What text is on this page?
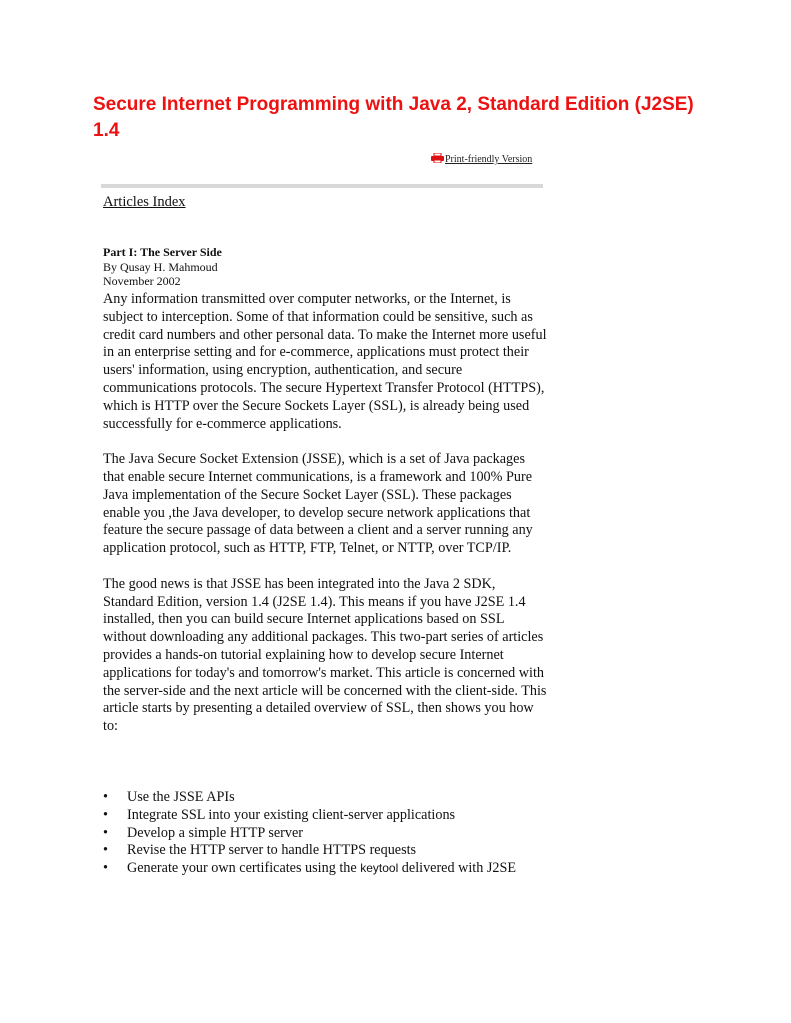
Secure Internet Programming with Java 2, Standard Edition (J2SE) 1.4
Print-friendly Version
Articles Index
Part I: The Server Side
By Qusay H. Mahmoud
November 2002

Any information transmitted over computer networks, or the Internet, is subject to interception. Some of that information could be sensitive, such as credit card numbers and other personal data. To make the Internet more useful in an enterprise setting and for e-commerce, applications must protect their users' information, using encryption, authentication, and secure communications protocols. The secure Hypertext Transfer Protocol (HTTPS), which is HTTP over the Secure Sockets Layer (SSL), is already being used successfully for e-commerce applications.

The Java Secure Socket Extension (JSSE), which is a set of Java packages that enable secure Internet communications, is a framework and 100% Pure Java implementation of the Secure Socket Layer (SSL). These packages enable you ,the Java developer, to develop secure network applications that feature the secure passage of data between a client and a server running any application protocol, such as HTTP, FTP, Telnet, or NTTP, over TCP/IP.

The good news is that JSSE has been integrated into the Java 2 SDK, Standard Edition, version 1.4 (J2SE 1.4). This means if you have J2SE 1.4 installed, then you can build secure Internet applications based on SSL without downloading any additional packages. This two-part series of articles provides a hands-on tutorial explaining how to develop secure Internet applications for today's and tomorrow's market. This article is concerned with the server-side and the next article will be concerned with the client-side. This article starts by presenting a detailed overview of SSL, then shows you how to:

• Use the JSSE APIs
• Integrate SSL into your existing client-server applications
• Develop a simple HTTP server
• Revise the HTTP server to handle HTTPS requests
• Generate your own certificates using the keytool delivered with J2SE
